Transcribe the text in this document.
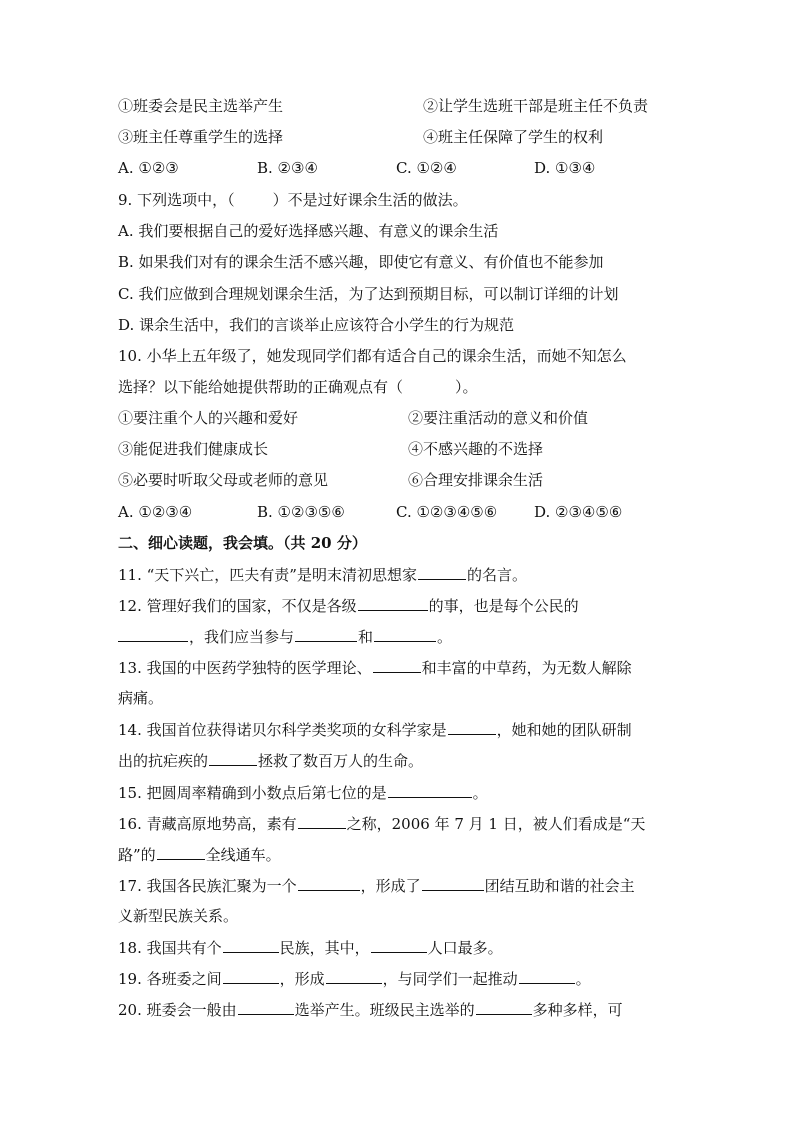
①班委会是民主选举产生	②让学生选班干部是班主任不负责
③班主任尊重学生的选择	④班主任保障了学生的权利
A. ①②③	B. ②③④	C. ①②④	D. ①③④
9. 下列选项中，（	）不是过好课余生活的做法。
A. 我们要根据自己的爱好选择感兴趣、有意义的课余生活
B. 如果我们对有的课余生活不感兴趣，即使它有意义、有价值也不能参加
C. 我们应做到合理规划课余生活，为了达到预期目标，可以制订详细的计划
D. 课余生活中，我们的言谈举止应该符合小学生的行为规范
10. 小华上五年级了，她发现同学们都有适合自己的课余生活，而她不知怎么
选择？以下能给她提供帮助的正确观点有（	）。
①要注重个人的兴趣和爱好	②要注重活动的意义和价值
③能促进我们健康成长	④不感兴趣的不选择
⑤必要时听取父母或老师的意见	⑥合理安排课余生活
A. ①②③④	B. ①②③⑤⑥	C. ①②③④⑤⑥ D. ②③④⑤⑥
二、细心读题，我会填。（共 20 分）
11. “天下兴亡，匹夫有责”是明末清初思想家	的名言。
12. 管理好我们的国家，不仅是各级	的事，也是每个公民的
，我们应当参与	和	。
13. 我国的中医药学独特的医学理论、	和丰富的中草药，为无数人解除
病痛。
14. 我国首位获得诺贝尔科学类奖项的女科学家是	，她和她的团队研制
出的抗疟疾的	拯救了数百万人的生命。
15. 把圆周率精确到小数点后第七位的是	。
16. 青藏高原地势高，素有	之称，2006 年 7 月 1 日，被人们看成是“天
路”的	全线通车。
17. 我国各民族汇聚为一个	，形成了	团结互助和谐的社会主
义新型民族关系。
18. 我国共有个	民族，其中，	人口最多。
19. 各班委之间	，形成	，与同学们一起推动	。
20. 班委会一般由	选举产生。班级民主选举的	多种多样，可
